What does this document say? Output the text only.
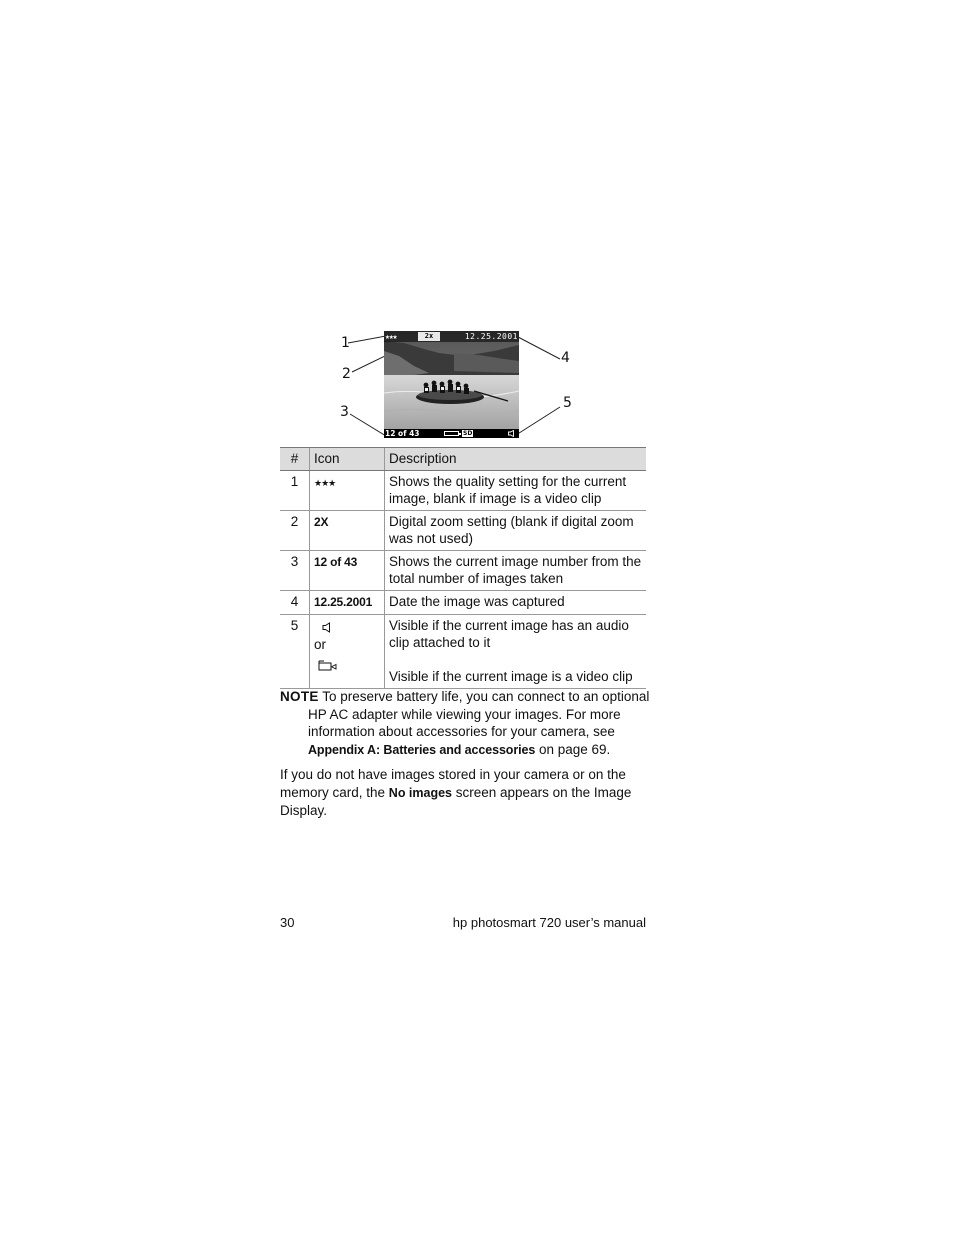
1
2
3
4
5
★★★	2x	12.25.2001
12 of 43	SD
#	Icon	Description
1	★★★	Shows the quality setting for the current image, blank if image is a video clip
2	2X	Digital zoom setting (blank if digital zoom was not used)
3	12 of 43	Shows the current image number from the total number of images taken
4	12.25.2001	Date the image was captured
5	or	Visible if the current image has an audio clip attached to it

Visible if the current image is a video clip

NOTE To preserve battery life, you can connect to an optional HP AC adapter while viewing your images. For more information about accessories for your camera, see Appendix A: Batteries and accessories on page 69.
If you do not have images stored in your camera or on the memory card, the No images screen appears on the Image Display.
30	hp photosmart 720 user’s manual
